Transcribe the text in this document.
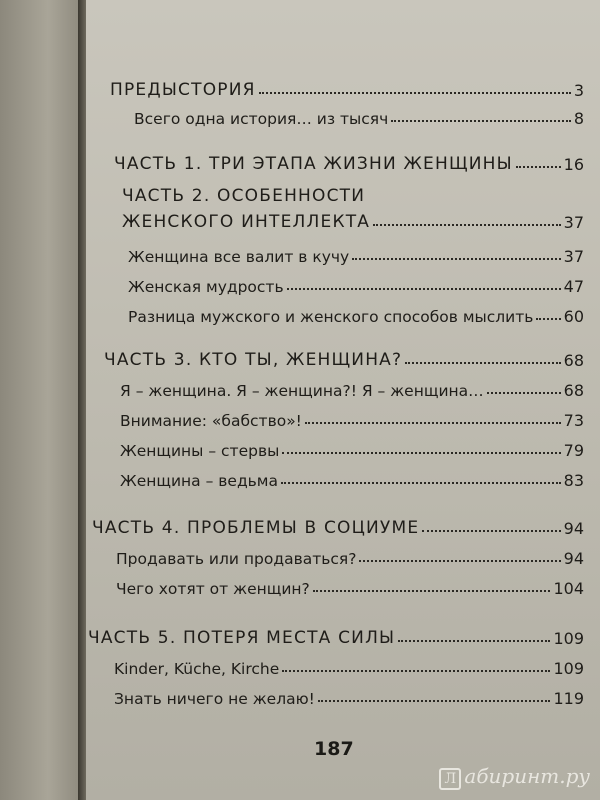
ПРЕДЫСТОРИЯ	3
Всего одна история… из тысяч	8
ЧАСТЬ 1. ТРИ ЭТАПА ЖИЗНИ ЖЕНЩИНЫ	16
ЧАСТЬ 2. ОСОБЕННОСТИ
ЖЕНСКОГО ИНТЕЛЛЕКТА	37
Женщина все валит в кучу	37
Женская мудрость	47
Разница мужского и женского способов мыслить 60
ЧАСТЬ 3. КТО ТЫ, ЖЕНЩИНА?	68
Я – женщина. Я – женщина?! Я – женщина…	68
Внимание: «бабство»!	73
Женщины – стервы	79
Женщина – ведьма	83
ЧАСТЬ 4. ПРОБЛЕМЫ В СОЦИУМЕ	94
Продавать или продаваться?	94
Чего хотят от женщин?	104
ЧАСТЬ 5. ПОТЕРЯ МЕСТА СИЛЫ	109
Kinder, Küche, Kirche	109
Знать ничего не желаю!	119
187
Л абиринт.ру
